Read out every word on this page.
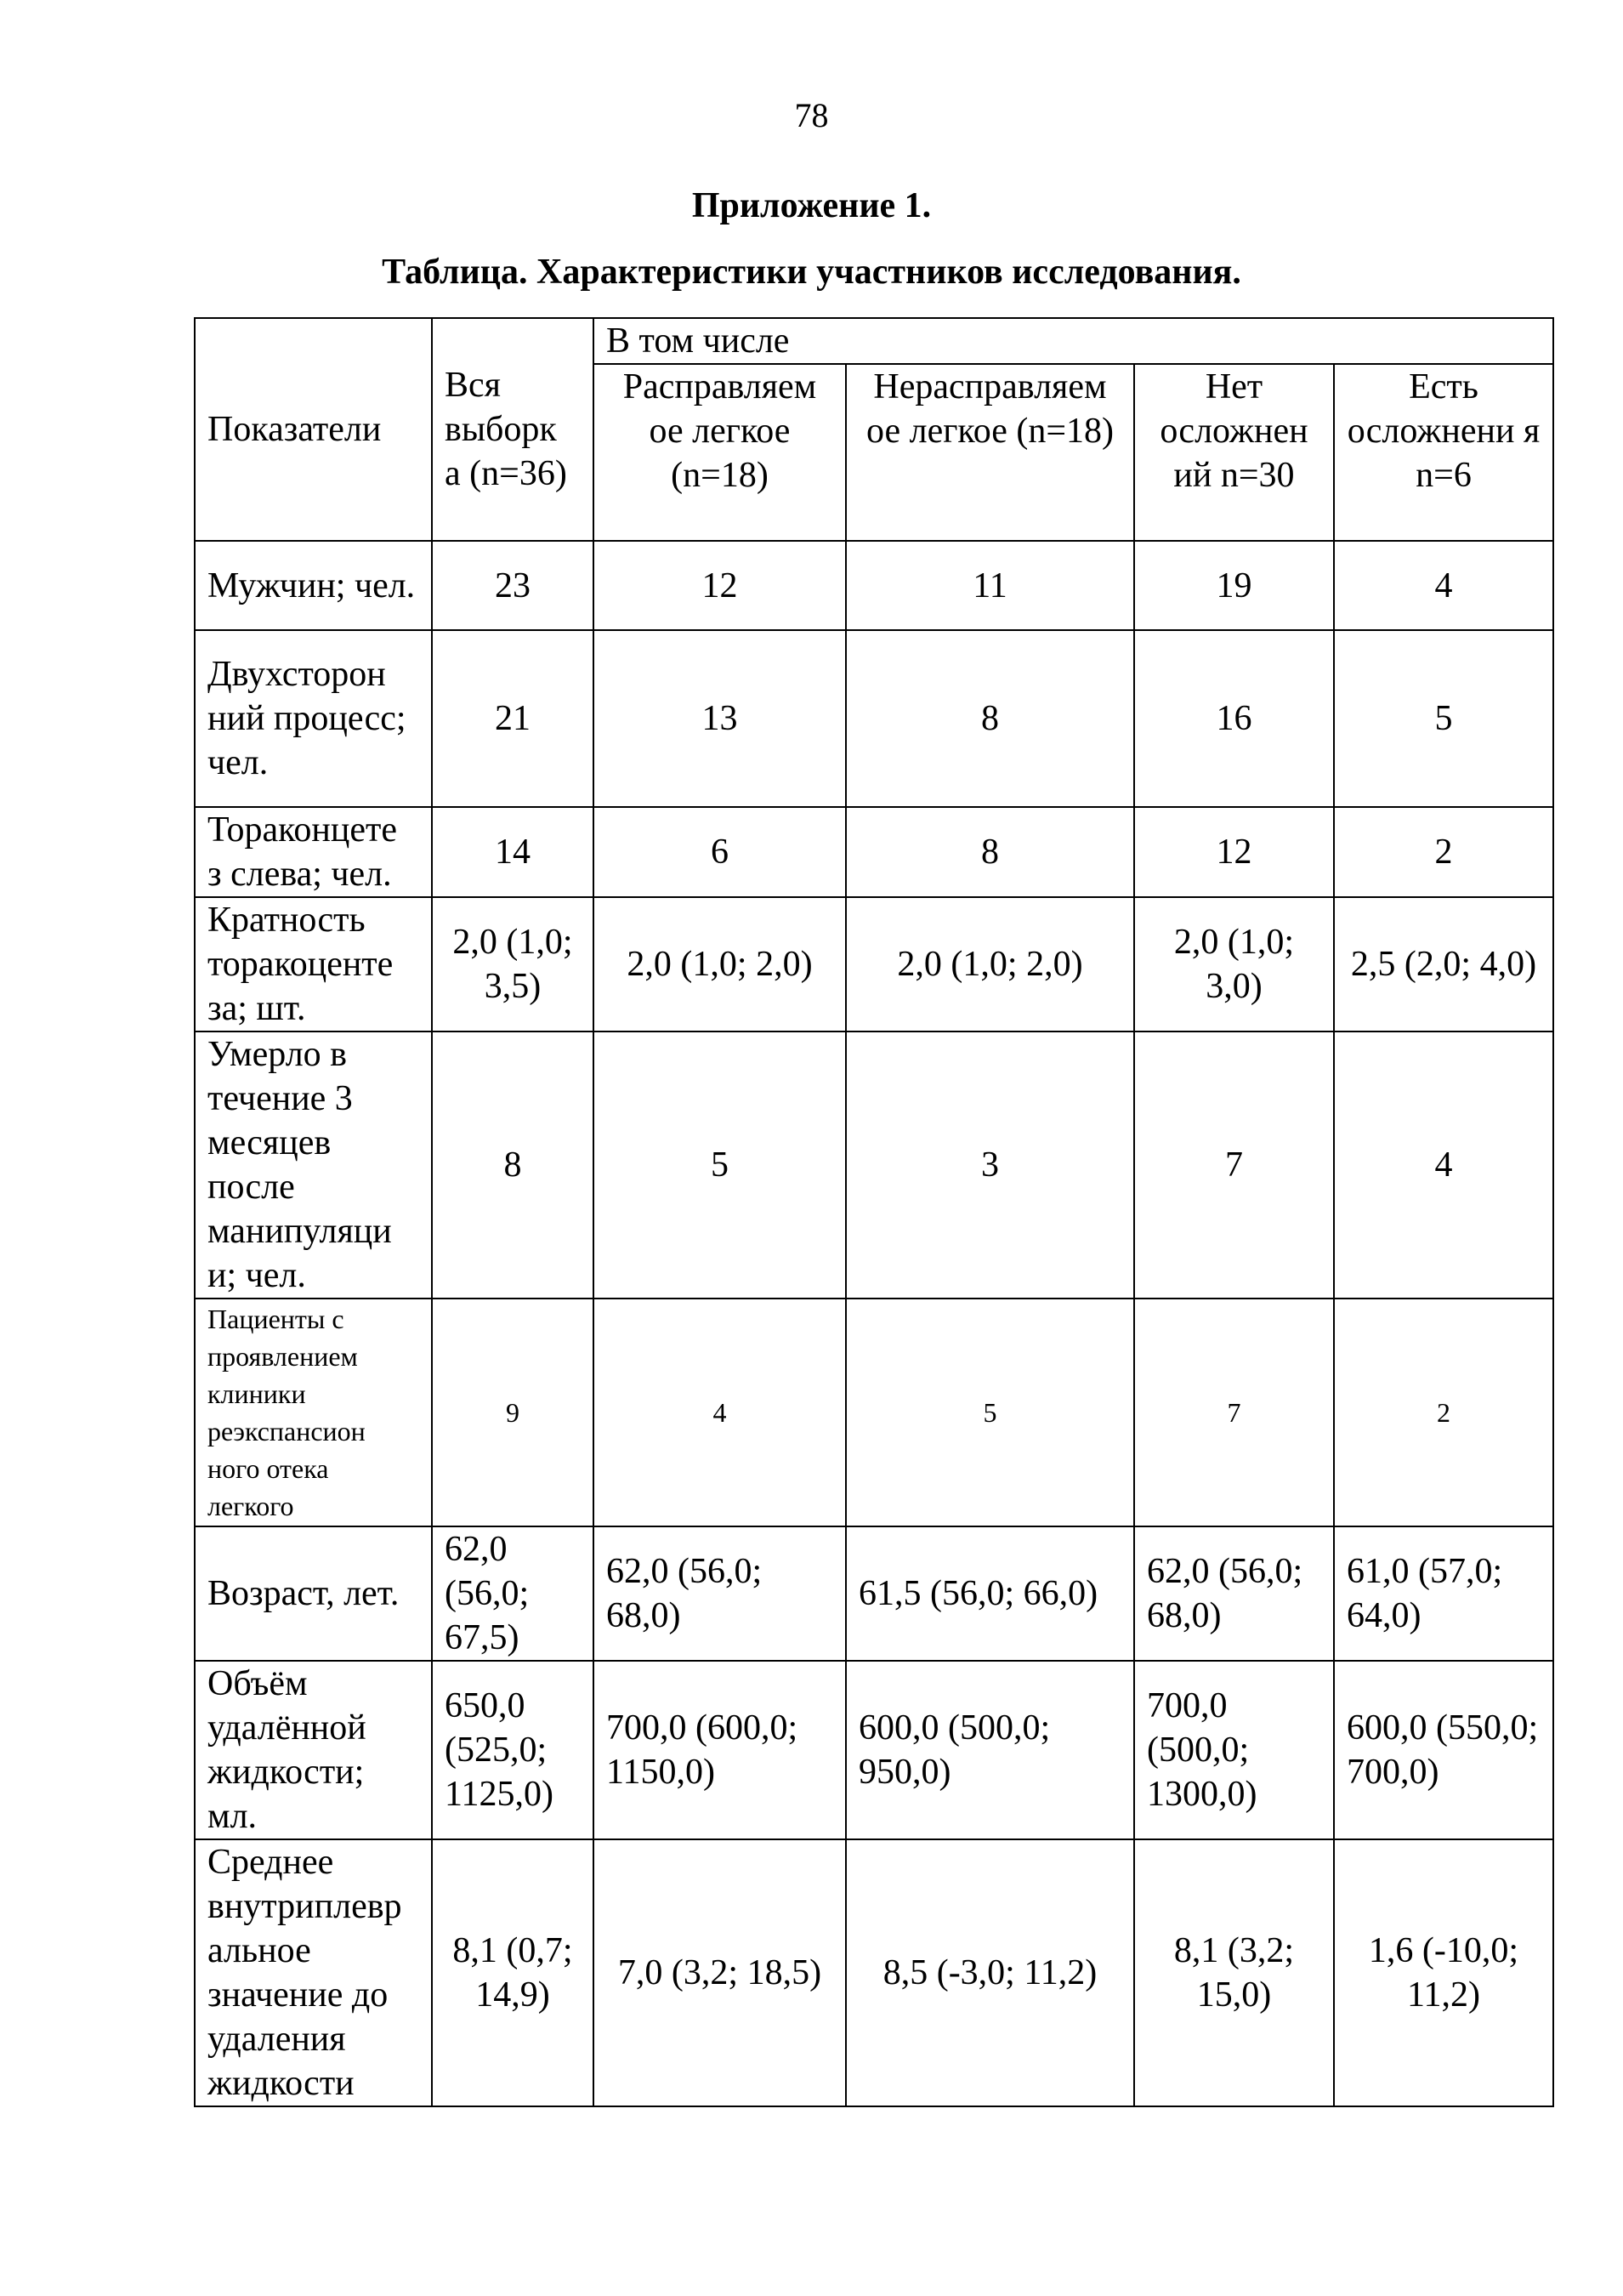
78
Приложение 1.
Таблица. Характеристики участников исследования.
Показатели	Вся выборк а (n=36)	В том числе			
		Расправляем ое легкое (n=18)	Нерасправляем ое легкое (n=18)	Нет осложнен ий n=30	Есть осложнени я n=6
Мужчин; чел.	23	12	11	19	4
Двухсторон ний процесс; чел.	21	13	8	16	5
Тораконцете з слева; чел.	14	6	8	12	2
Кратность торакоценте за; шт.	2,0 (1,0; 3,5)	2,0 (1,0; 2,0)	2,0 (1,0; 2,0)	2,0 (1,0; 3,0)	2,5 (2,0; 4,0)
Умерло в течение 3 месяцев после манипуляци и; чел.	8	5	3	7	4
Пациенты с проявлением клиники реэкспансион ного отека легкого	9	4	5	7	2
Возраст, лет.	62,0 (56,0; 67,5)	62,0 (56,0; 68,0)	61,5 (56,0; 66,0)	62,0 (56,0; 68,0)	61,0 (57,0; 64,0)
Объём удалённой жидкости; мл.	650,0 (525,0; 1125,0)	700,0 (600,0; 1150,0)	600,0 (500,0; 950,0)	700,0 (500,0; 1300,0)	600,0 (550,0; 700,0)
Среднее внутриплевр альное значение до удаления жидкости	8,1 (0,7; 14,9)	7,0 (3,2; 18,5)	8,5 (-3,0; 11,2)	8,1 (3,2; 15,0)	1,6 (-10,0; 11,2)
